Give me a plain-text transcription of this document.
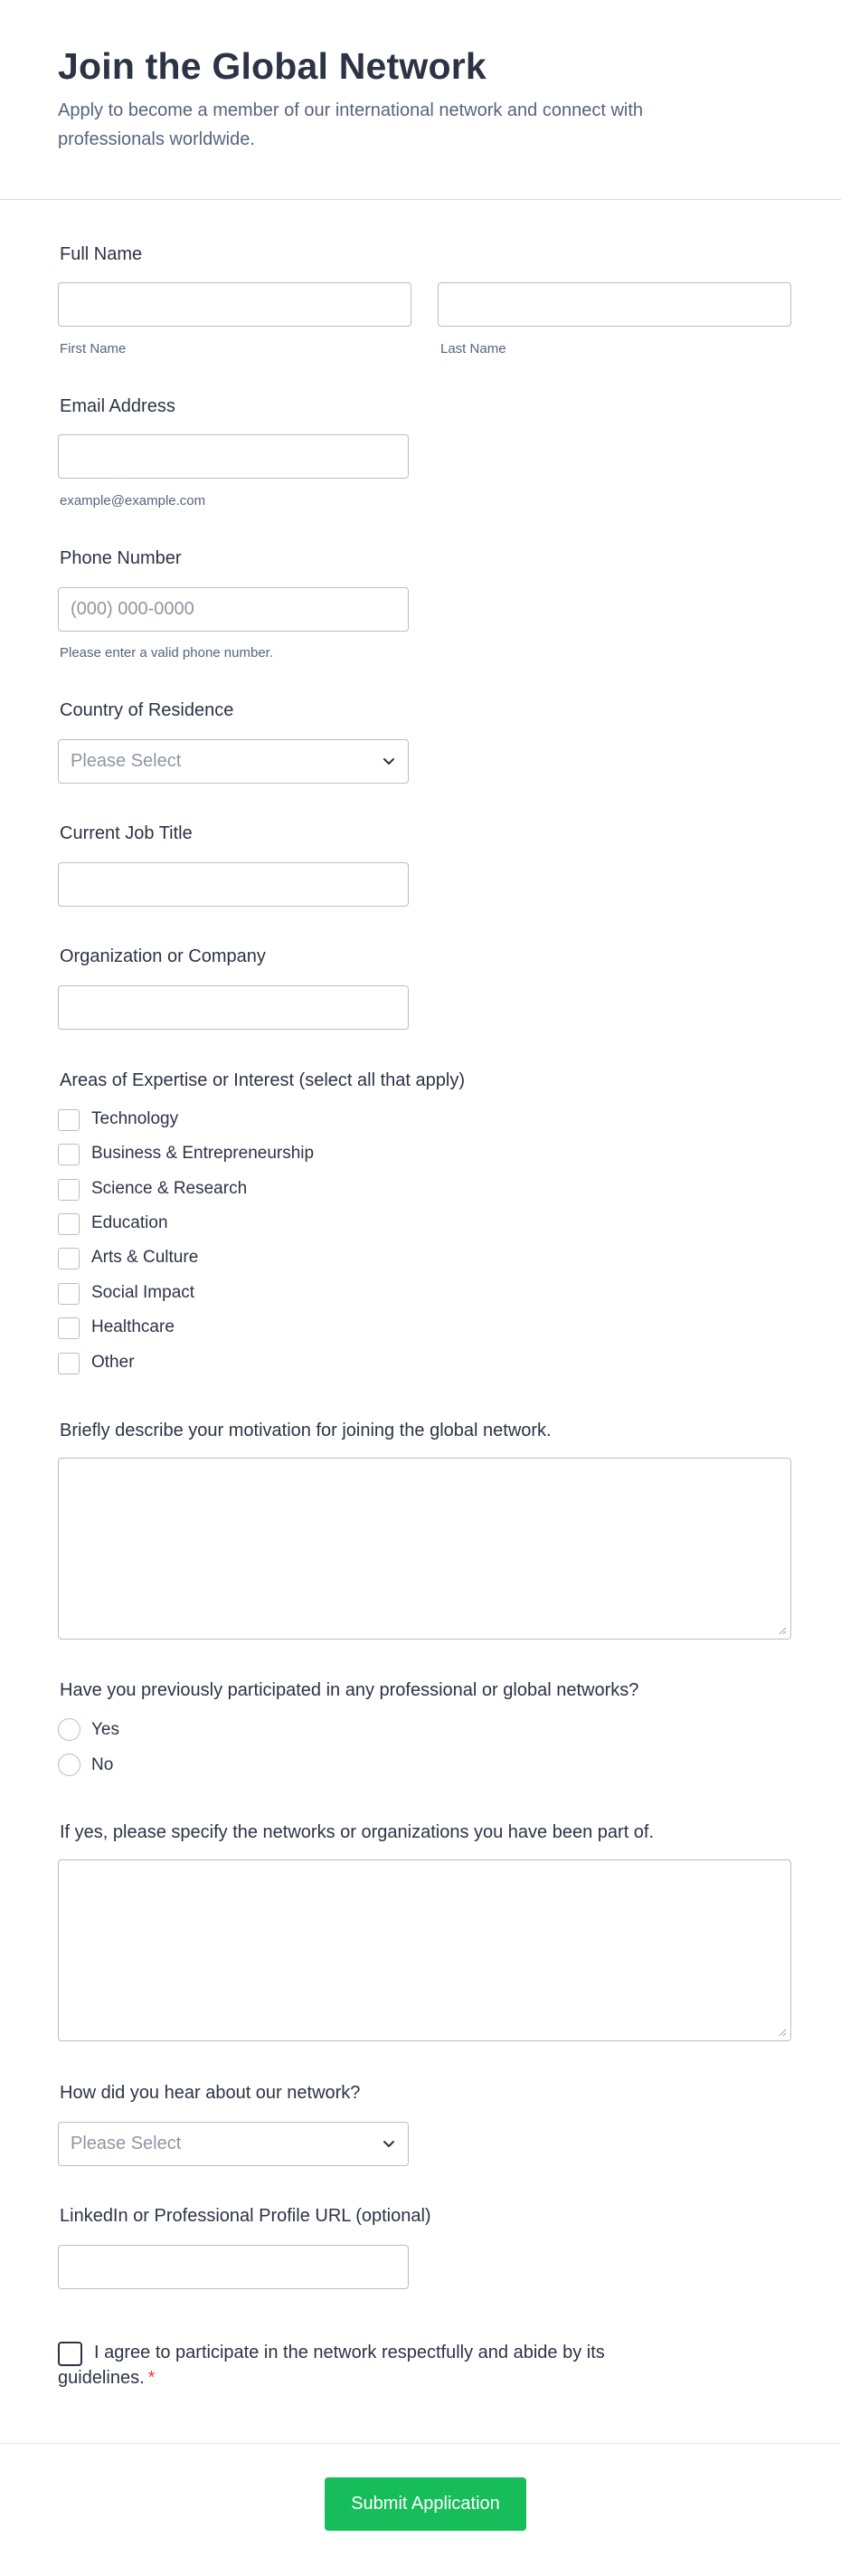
Join the Global Network
Apply to become a member of our international network and connect with professionals worldwide.
Full Name
First Name	Last Name
Email Address
example@example.com
Phone Number
(000) 000-0000
Please enter a valid phone number.
Country of Residence
Please Select
Current Job Title
Organization or Company
Areas of Expertise or Interest (select all that apply)
Technology
Business & Entrepreneurship
Science & Research
Education
Arts & Culture
Social Impact
Healthcare
Other
Briefly describe your motivation for joining the global network.
Have you previously participated in any professional or global networks?
Yes
No
If yes, please specify the networks or organizations you have been part of.
How did you hear about our network?
Please Select
LinkedIn or Professional Profile URL (optional)
I agree to participate in the network respectfully and abide by its guidelines. *
Submit Application
